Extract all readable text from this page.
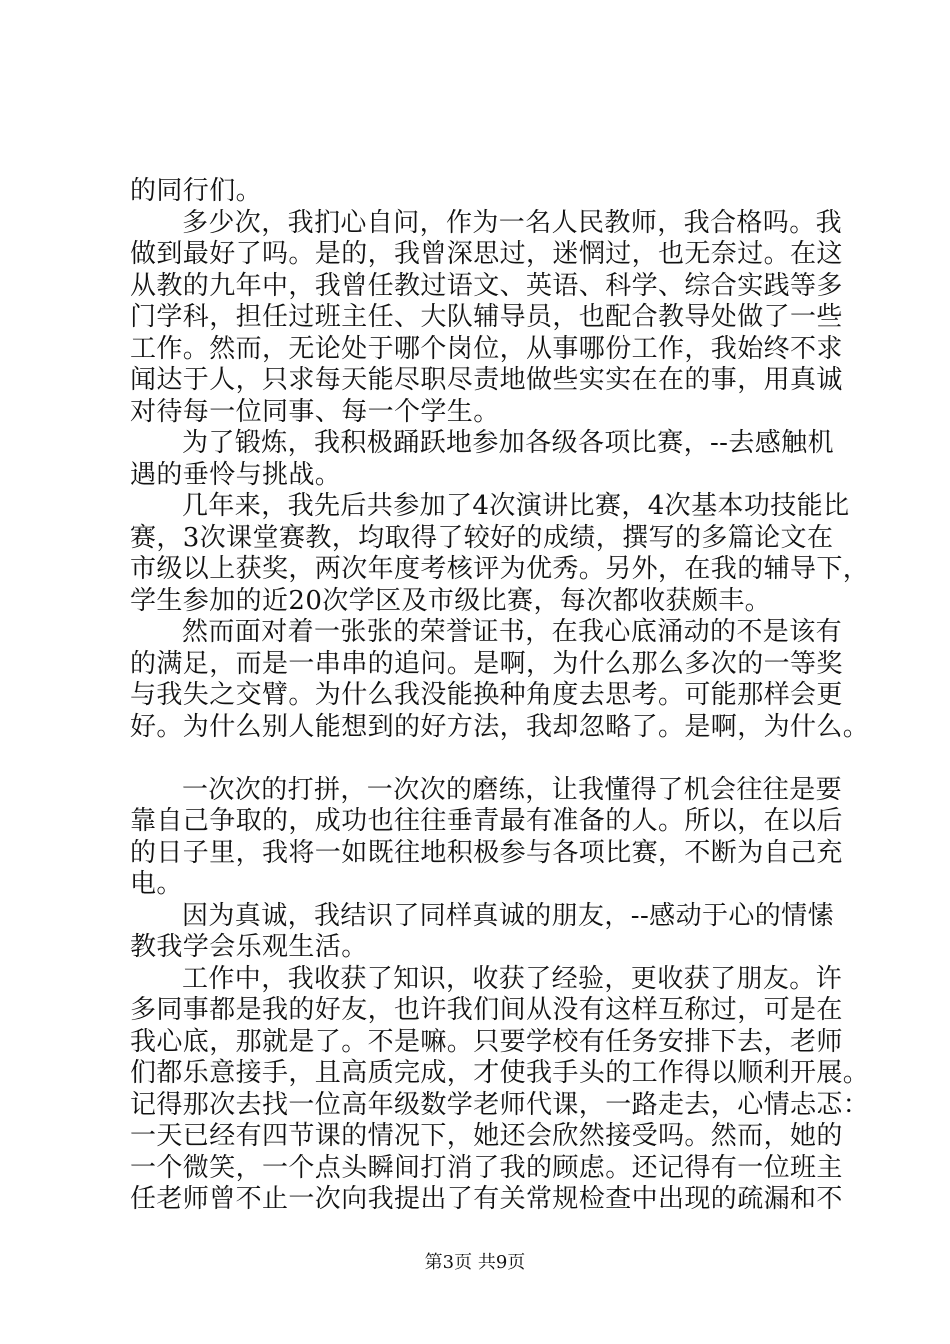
的同行们。
多少次，我扪心自问，作为一名人民教师，我合格吗。我
做到最好了吗。是的，我曾深思过，迷惘过，也无奈过。在这
从教的九年中，我曾任教过语文、英语、科学、综合实践等多
门学科，担任过班主任、大队辅导员，也配合教导处做了一些
工作。然而，无论处于哪个岗位，从事哪份工作，我始终不求
闻达于人，只求每天能尽职尽责地做些实实在在的事，用真诚
对待每一位同事、每一个学生。
为了锻炼，我积极踊跃地参加各级各项比赛，--去感触机
遇的垂怜与挑战。
几年来，我先后共参加了4次演讲比赛，4次基本功技能比
赛，3次课堂赛教，均取得了较好的成绩，撰写的多篇论文在
市级以上获奖，两次年度考核评为优秀。另外，在我的辅导下，
学生参加的近20次学区及市级比赛，每次都收获颇丰。
然而面对着一张张的荣誉证书，在我心底涌动的不是该有
的满足，而是一串串的追问。是啊，为什么那么多次的一等奖
与我失之交臂。为什么我没能换种角度去思考。可能那样会更
好。为什么别人能想到的好方法，我却忽略了。是啊，为什么。
一次次的打拼，一次次的磨练，让我懂得了机会往往是要
靠自己争取的，成功也往往垂青最有准备的人。所以，在以后
的日子里，我将一如既往地积极参与各项比赛，不断为自己充
电。
因为真诚，我结识了同样真诚的朋友，--感动于心的情愫
教我学会乐观生活。
工作中，我收获了知识，收获了经验，更收获了朋友。许
多同事都是我的好友，也许我们间从没有这样互称过，可是在
我心底，那就是了。不是嘛。只要学校有任务安排下去，老师
们都乐意接手，且高质完成，才使我手头的工作得以顺利开展。
记得那次去找一位高年级数学老师代课，一路走去，心情忐忑：
一天已经有四节课的情况下，她还会欣然接受吗。然而，她的
一个微笑，一个点头瞬间打消了我的顾虑。还记得有一位班主
任老师曾不止一次向我提出了有关常规检查中出现的疏漏和不
第3页 共9页
